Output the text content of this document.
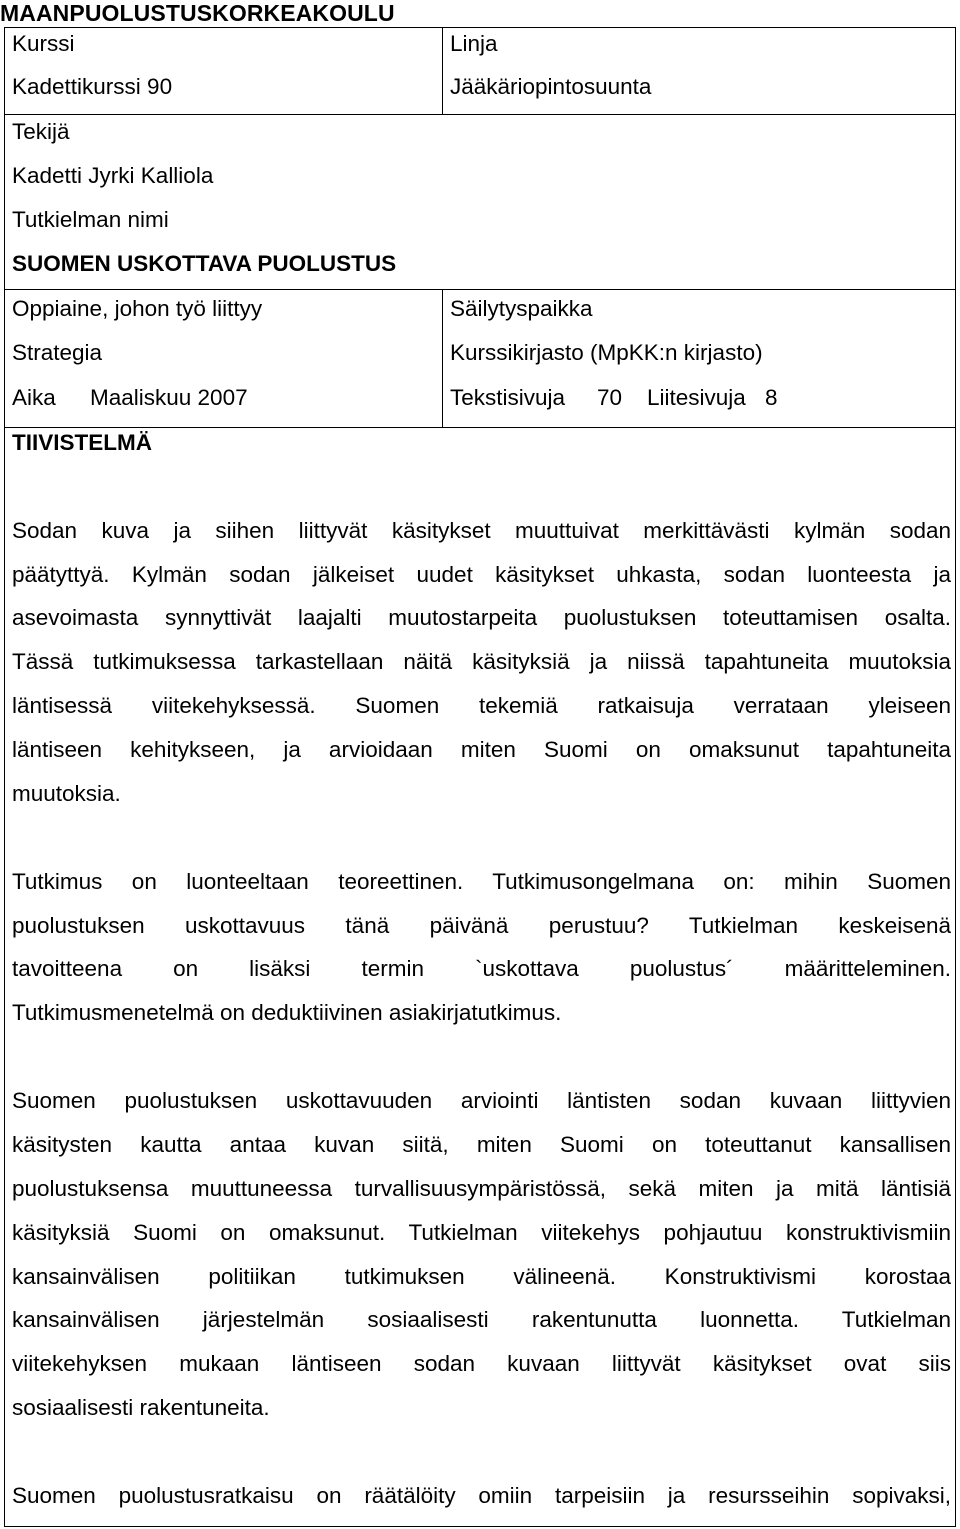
MAANPUOLUSTUSKORKEAKOULU
Kurssi
Kadettikurssi 90
Linja
Jääkäriopintosuunta
Tekijä
Kadetti Jyrki Kalliola
Tutkielman nimi
SUOMEN USKOTTAVA PUOLUSTUS
Oppiaine, johon työ liittyy
Strategia
Säilytyspaikka
Kurssikirjasto (MpKK:n kirjasto)
Aika Maaliskuu 2007	Tekstisivuja 70 Liitesivuja 8
TIIVISTELMÄ
Sodan kuva ja siihen liittyvät käsitykset muuttuivat merkittävästi kylmän sodan
päätyttyä. Kylmän sodan jälkeiset uudet käsitykset uhkasta, sodan luonteesta ja
asevoimasta synnyttivät laajalti muutostarpeita puolustuksen toteuttamisen osalta.
Tässä tutkimuksessa tarkastellaan näitä käsityksiä ja niissä tapahtuneita muutoksia
läntisessä viitekehyksessä. Suomen tekemiä ratkaisuja verrataan yleiseen
läntiseen kehitykseen, ja arvioidaan miten Suomi on omaksunut tapahtuneita
muutoksia.
Tutkimus on luonteeltaan teoreettinen. Tutkimusongelmana on: mihin Suomen
puolustuksen uskottavuus tänä päivänä perustuu? Tutkielman keskeisenä
tavoitteena on lisäksi termin `uskottava puolustus´ määritteleminen.
Tutkimusmenetelmä on deduktiivinen asiakirjatutkimus.
Suomen puolustuksen uskottavuuden arviointi läntisten sodan kuvaan liittyvien
käsitysten kautta antaa kuvan siitä, miten Suomi on toteuttanut kansallisen
puolustuksensa muuttuneessa turvallisuusympäristössä, sekä miten ja mitä läntisiä
käsityksiä Suomi on omaksunut. Tutkielman viitekehys pohjautuu konstruktivismiin
kansainvälisen politiikan tutkimuksen välineenä. Konstruktivismi korostaa
kansainvälisen järjestelmän sosiaalisesti rakentunutta luonnetta. Tutkielman
viitekehyksen mukaan läntiseen sodan kuvaan liittyvät käsitykset ovat siis
sosiaalisesti rakentuneita.
Suomen puolustusratkaisu on räätälöity omiin tarpeisiin ja resursseihin sopivaksi,
